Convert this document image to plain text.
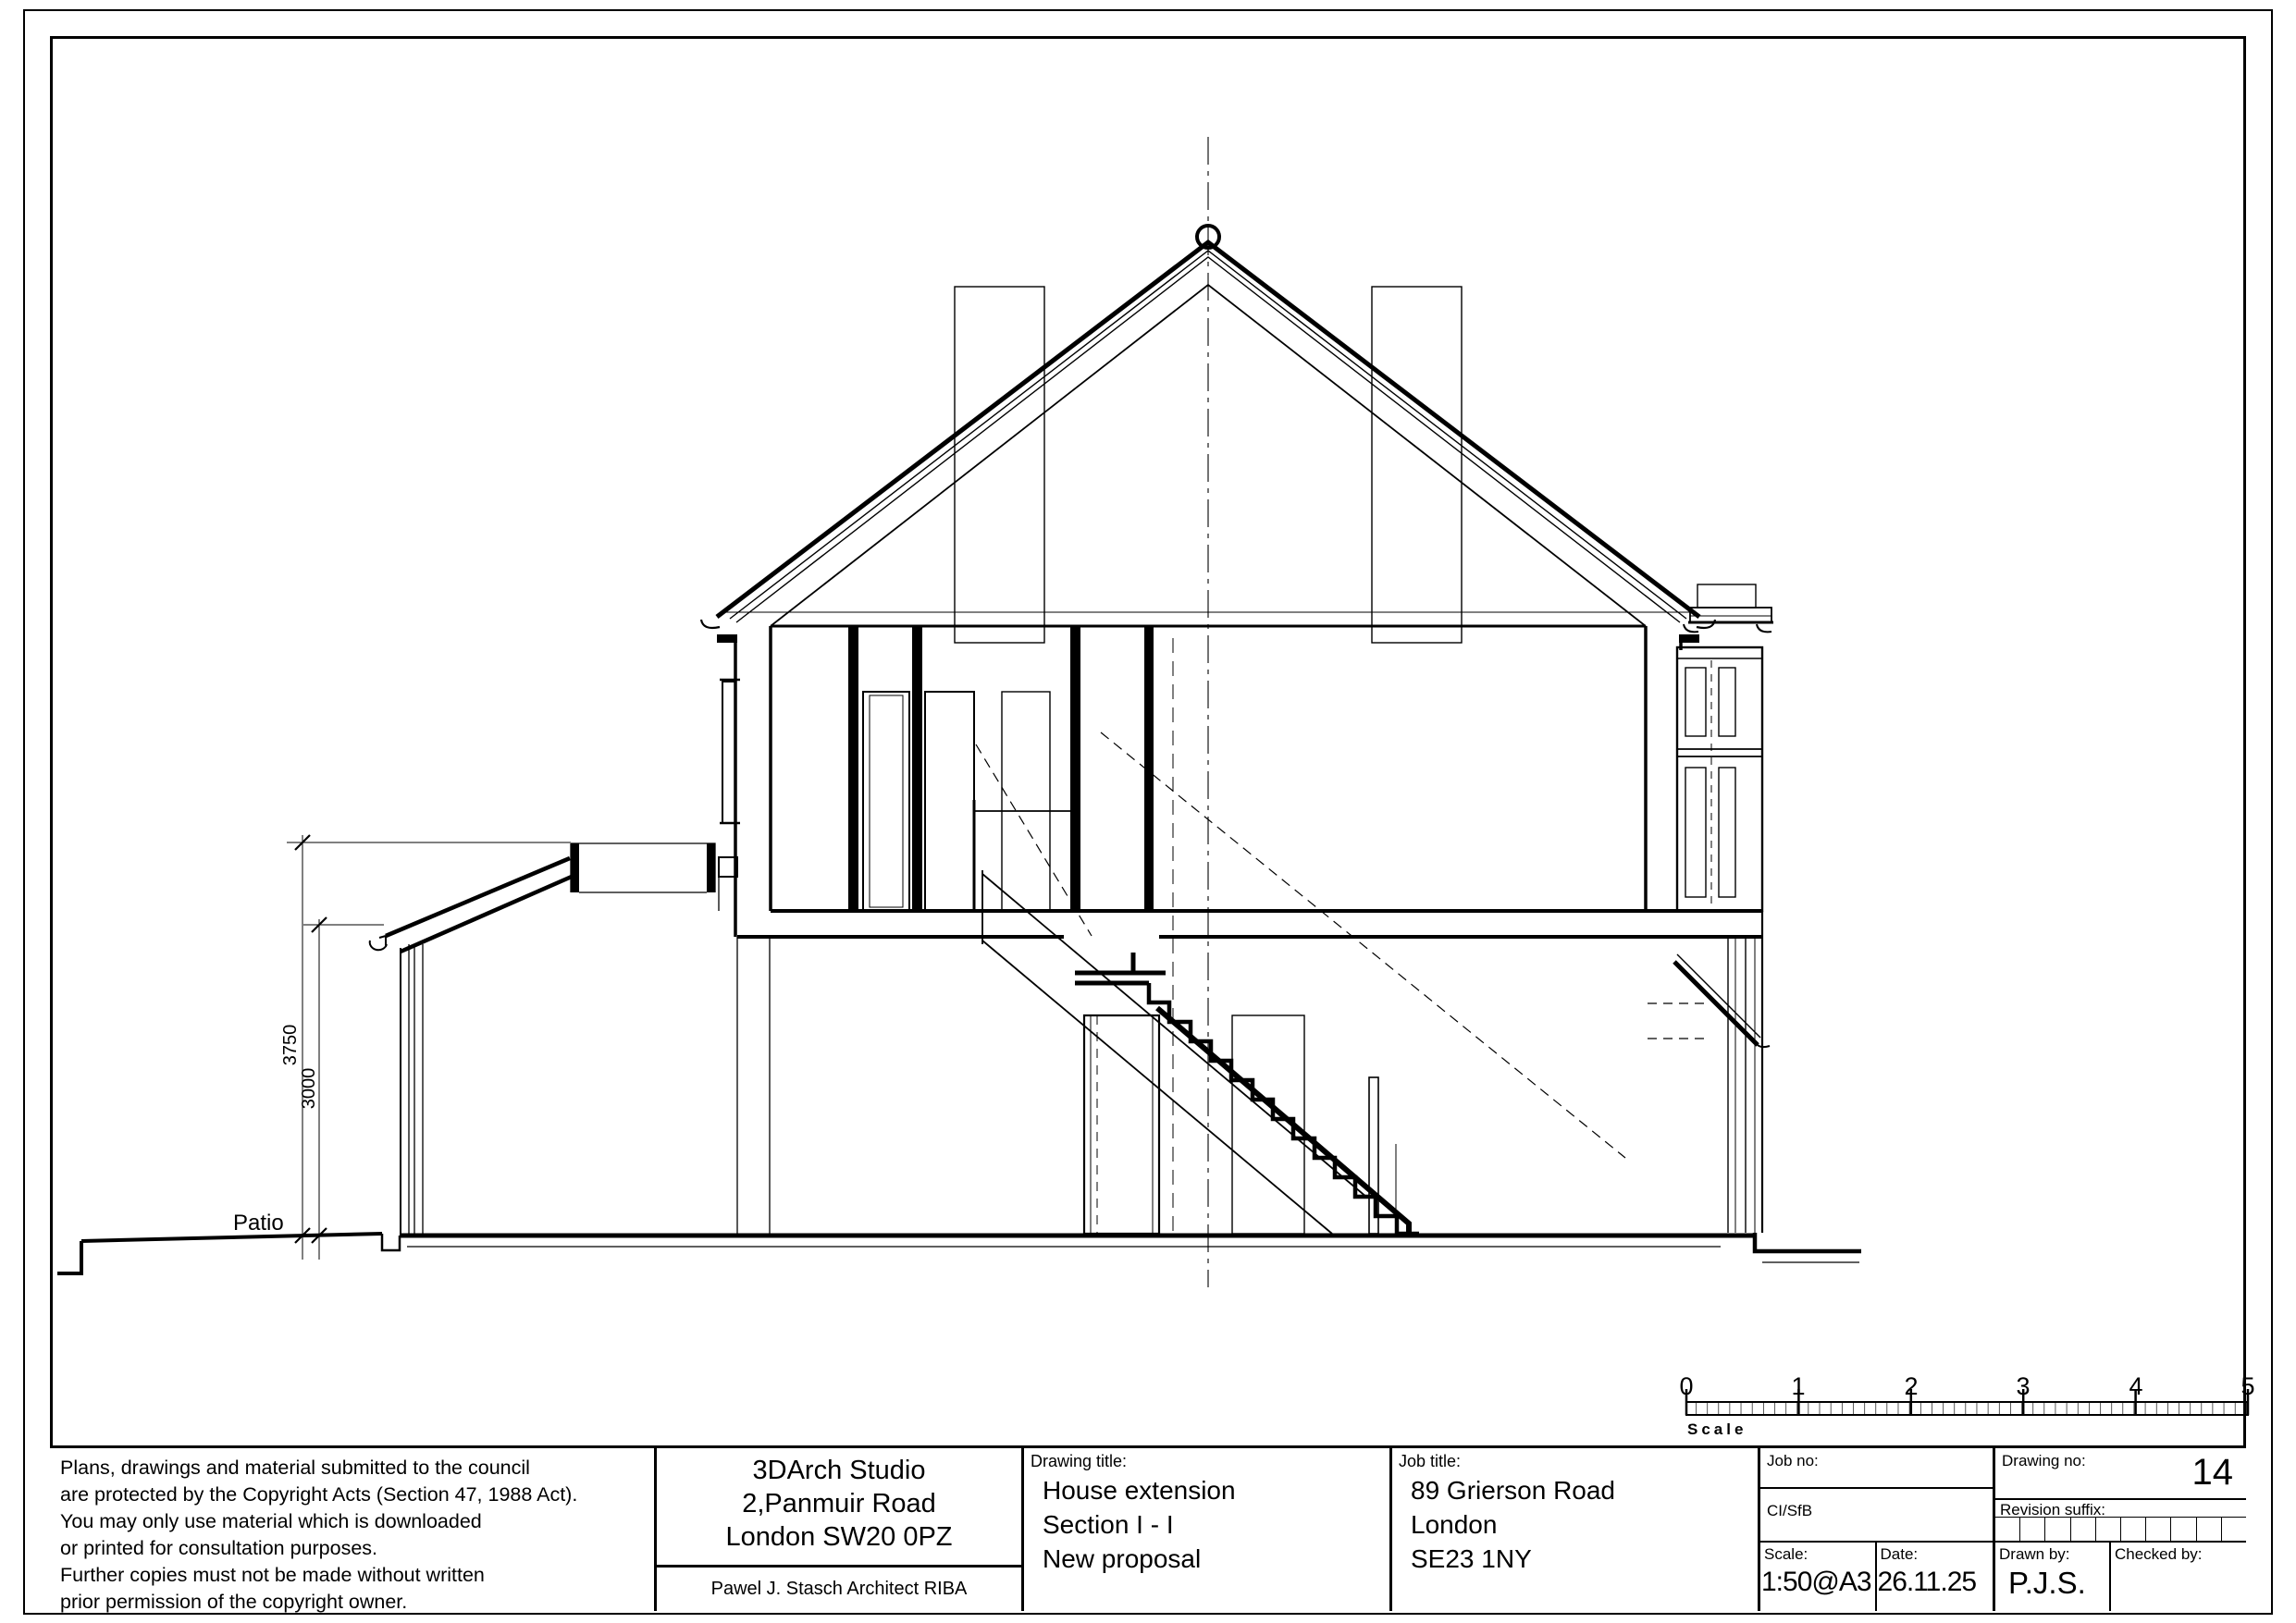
3750
3000
Patio
0	1	2	3	4	5
Scale
Plans, drawings and material submitted to the council
are protected by the Copyright Acts (Section 47, 1988 Act).
You may only use material which is downloaded
or printed for consultation purposes.
Further copies must not be made without written
prior permission of the copyright owner.
3DArch Studio
2,Panmuir Road
London SW20 0PZ
Pawel J. Stasch Architect RIBA
Drawing title:
House extension
Section I - I
New proposal
Job title:
89 Grierson Road
London
SE23 1NY
Job no:
CI/SfB
Scale:
1:50@A3
Date:
26.11.25
Drawing no:	14
Revision suffix:
Drawn by:
P.J.S.
Checked by:
